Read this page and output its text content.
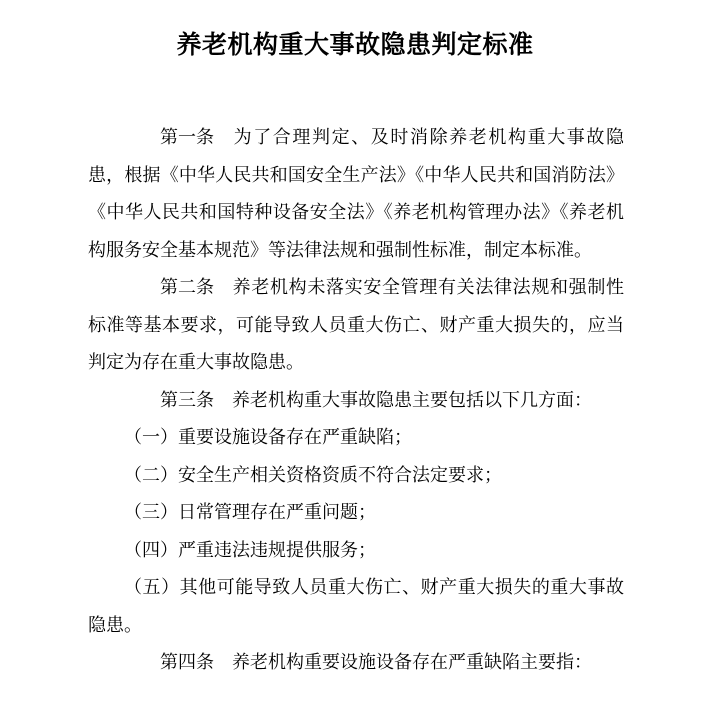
养老机构重大事故隐患判定标准

第一条 为了合理判定、及时消除养老机构重大事故隐患，根据《中华人民共和国安全生产法》《中华人民共和国消防法》《中华人民共和国特种设备安全法》《养老机构管理办法》《养老机构服务安全基本规范》等法律法规和强制性标准，制定本标准。

第二条 养老机构未落实安全管理有关法律法规和强制性标准等基本要求，可能导致人员重大伤亡、财产重大损失的，应当判定为存在重大事故隐患。

第三条 养老机构重大事故隐患主要包括以下几方面：

（一）重要设施设备存在严重缺陷；

（二）安全生产相关资格资质不符合法定要求；

（三）日常管理存在严重问题；

（四）严重违法违规提供服务；

（五）其他可能导致人员重大伤亡、财产重大损失的重大事故隐患。

第四条 养老机构重要设施设备存在严重缺陷主要指：
